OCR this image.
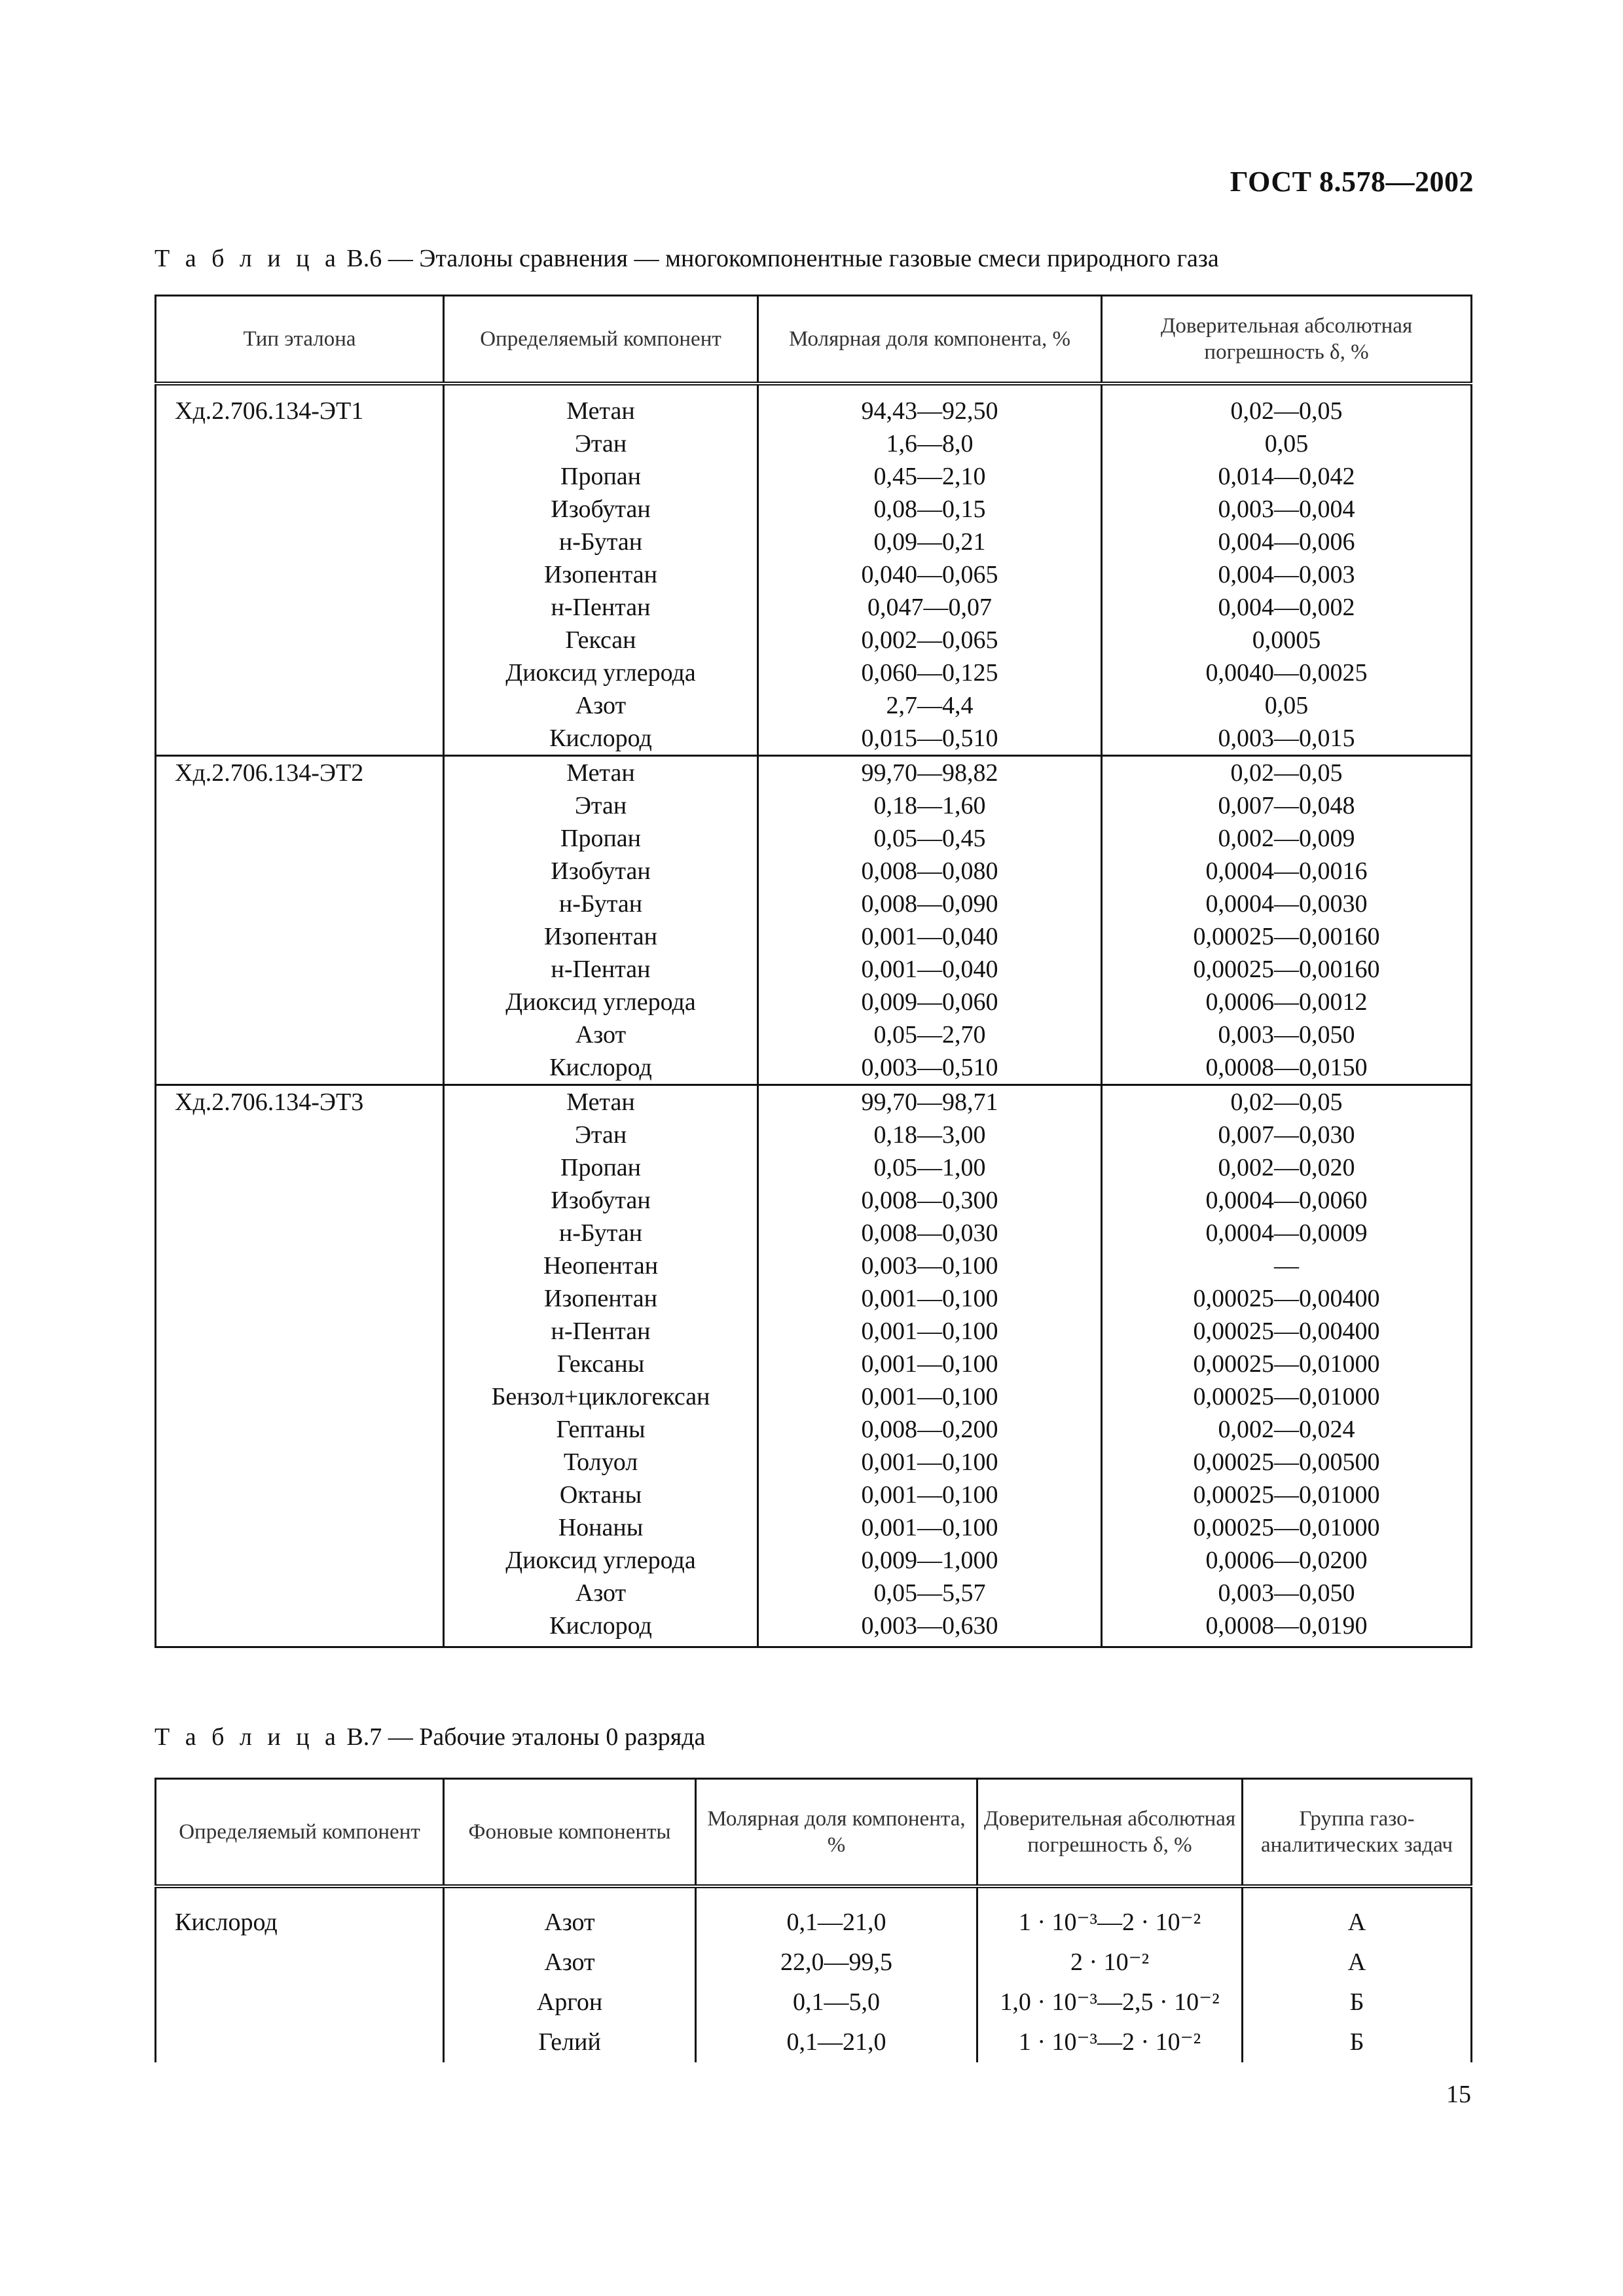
ГОСТ 8.578—2002
Т а б л и ц а В.6 — Эталоны сравнения — многокомпонентные газовые смеси природного газа
Тип эталона	Определяемый компонент	Молярная доля компонента, %	Доверительная абсолютная погрешность δ, %

Хд.2.706.134-ЭТ1	Метан	94,43—92,50	0,02—0,05
	Этан	1,6—8,0	0,05
	Пропан	0,45—2,10	0,014—0,042
	Изобутан	0,08—0,15	0,003—0,004
	н-Бутан	0,09—0,21	0,004—0,006
	Изопентан	0,040—0,065	0,004—0,003
	н-Пентан	0,047—0,07	0,004—0,002
	Гексан	0,002—0,065	0,0005
	Диоксид углерода	0,060—0,125	0,0040—0,0025
	Азот	2,7—4,4	0,05
	Кислород	0,015—0,510	0,003—0,015
Хд.2.706.134-ЭТ2	Метан	99,70—98,82	0,02—0,05
	Этан	0,18—1,60	0,007—0,048
	Пропан	0,05—0,45	0,002—0,009
	Изобутан	0,008—0,080	0,0004—0,0016
	н-Бутан	0,008—0,090	0,0004—0,0030
	Изопентан	0,001—0,040	0,00025—0,00160
	н-Пентан	0,001—0,040	0,00025—0,00160
	Диоксид углерода	0,009—0,060	0,0006—0,0012
	Азот	0,05—2,70	0,003—0,050
	Кислород	0,003—0,510	0,0008—0,0150
Хд.2.706.134-ЭТ3	Метан	99,70—98,71	0,02—0,05
	Этан	0,18—3,00	0,007—0,030
	Пропан	0,05—1,00	0,002—0,020
	Изобутан	0,008—0,300	0,0004—0,0060
	н-Бутан	0,008—0,030	0,0004—0,0009
	Неопентан	0,003—0,100	—
	Изопентан	0,001—0,100	0,00025—0,00400
	н-Пентан	0,001—0,100	0,00025—0,00400
	Гексаны	0,001—0,100	0,00025—0,01000
	Бензол+циклогексан	0,001—0,100	0,00025—0,01000
	Гептаны	0,008—0,200	0,002—0,024
	Толуол	0,001—0,100	0,00025—0,00500
	Октаны	0,001—0,100	0,00025—0,01000
	Нонаны	0,001—0,100	0,00025—0,01000
	Диоксид углерода	0,009—1,000	0,0006—0,0200
	Азот	0,05—5,57	0,003—0,050
	Кислород	0,003—0,630	0,0008—0,0190
Т а б л и ц а В.7 — Рабочие эталоны 0 разряда
Определяемый компонент	Фоновые компоненты	Молярная доля компонента, %	Доверительная абсолютная погрешность δ, %	Группа газо-аналитических задач

Кислород	Азот	0,1—21,0	1 · 10⁻³—2 · 10⁻²	А
	Азот	22,0—99,5	2 · 10⁻²	А
	Аргон	0,1—5,0	1,0 · 10⁻³—2,5 · 10⁻²	Б
	Гелий	0,1—21,0	1 · 10⁻³—2 · 10⁻²	Б
15
